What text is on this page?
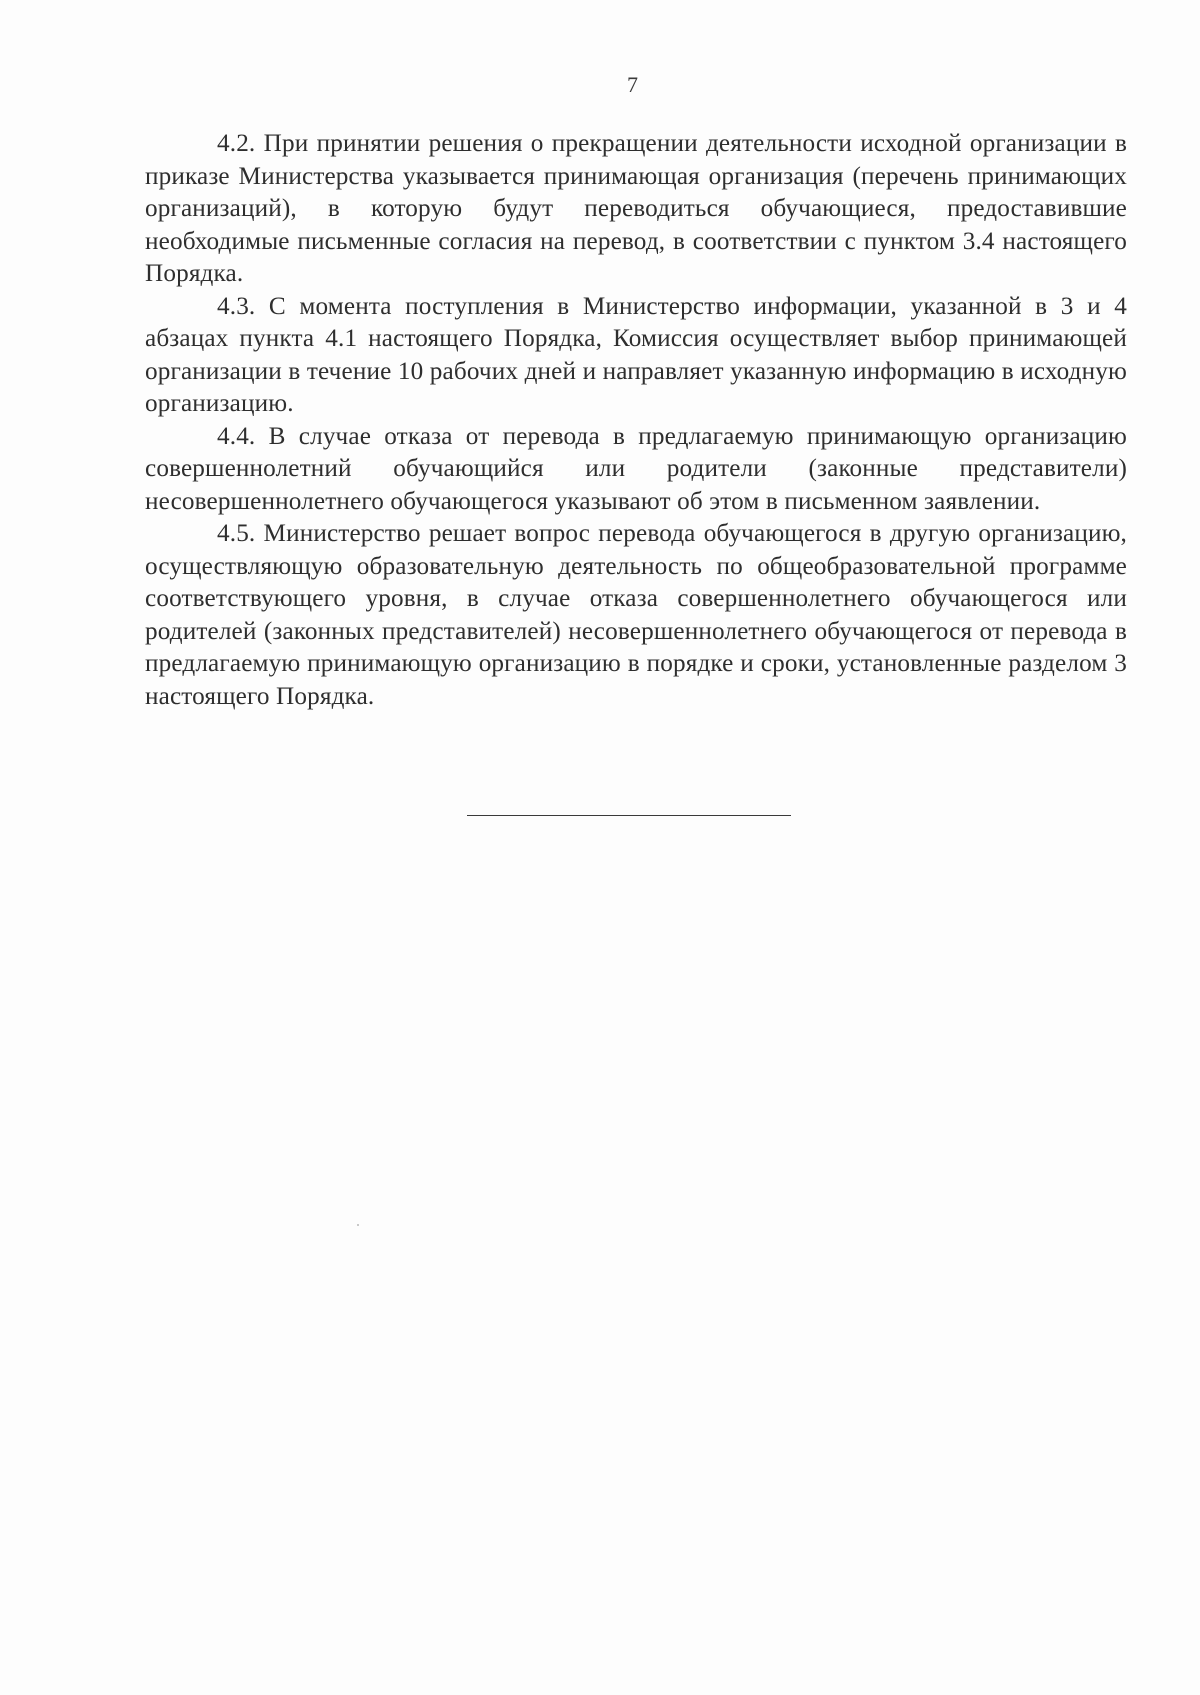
7

4.2. При принятии решения о прекращении деятельности исходной организации в приказе Министерства указывается принимающая организация (перечень принимающих организаций), в которую будут переводиться обучающиеся, предоставившие необходимые письменные согласия на перевод, в соответствии с пунктом 3.4 настоящего Порядка.

4.3. С момента поступления в Министерство информации, указанной в 3 и 4 абзацах пункта 4.1 настоящего Порядка, Комиссия осуществляет выбор принимающей организации в течение 10 рабочих дней и направляет указанную информацию в исходную организацию.

4.4. В случае отказа от перевода в предлагаемую принимающую организацию совершеннолетний обучающийся или родители (законные представители) несовершеннолетнего обучающегося указывают об этом в письменном заявлении.

4.5. Министерство решает вопрос перевода обучающегося в другую организацию, осуществляющую образовательную деятельность по общеобразовательной программе соответствующего уровня, в случае отказа совершеннолетнего обучающегося или родителей (законных представителей) несовершеннолетнего обучающегося от перевода в предлагаемую принимающую организацию в порядке и сроки, установленные разделом 3 настоящего Порядка.
